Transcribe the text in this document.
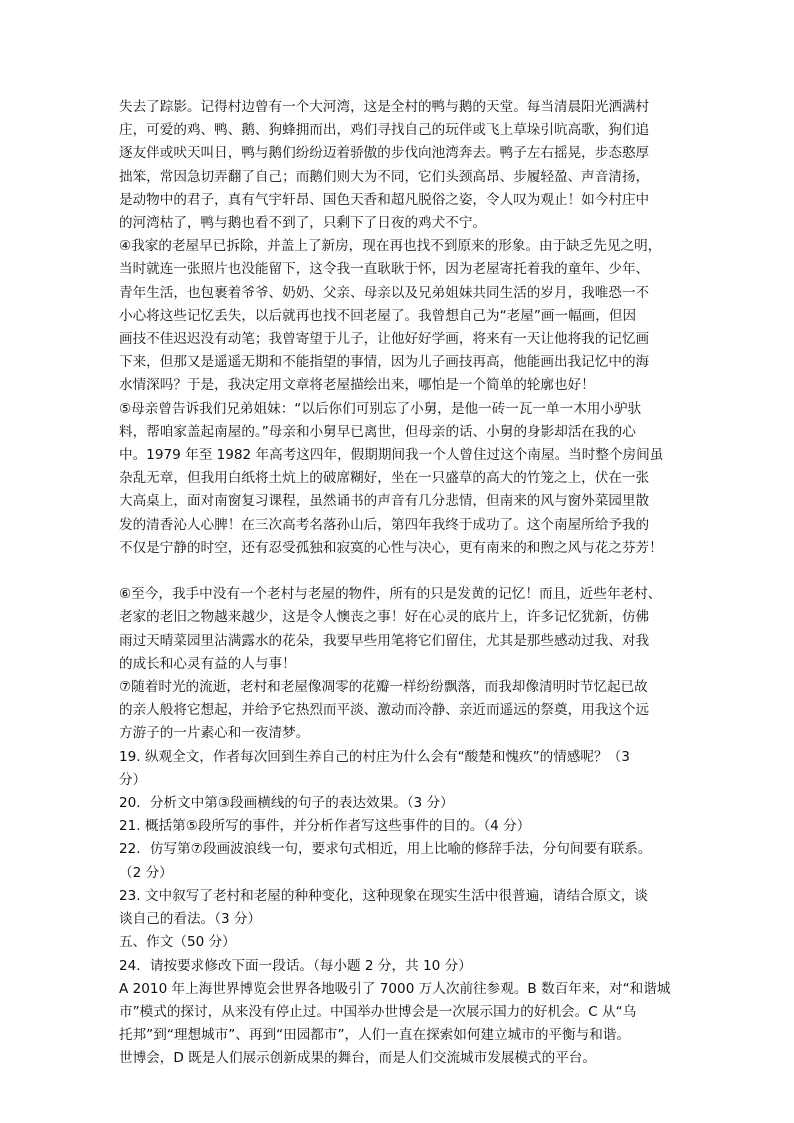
失去了踪影。记得村边曾有一个大河湾，这是全村的鸭与鹅的天堂。每当清晨阳光洒满村
庄，可爱的鸡、鸭、鹅、狗蜂拥而出，鸡们寻找自己的玩伴或飞上草垛引吭高歌，狗们追
逐友伴或吠天叫日，鸭与鹅们纷纷迈着骄傲的步伐向池湾奔去。鸭子左右摇晃，步态憨厚
拙笨，常因急切弄翻了自己；而鹅们则大为不同，它们头颈高昂、步履轻盈、声音清扬，
是动物中的君子，真有气宇轩昂、国色天香和超凡脱俗之姿，令人叹为观止！如今村庄中
的河湾枯了，鸭与鹅也看不到了，只剩下了日夜的鸡犬不宁。
④我家的老屋早已拆除，并盖上了新房，现在再也找不到原来的形象。由于缺乏先见之明，
当时就连一张照片也没能留下，这令我一直耿耿于怀，因为老屋寄托着我的童年、少年、
青年生活，也包裹着爷爷、奶奶、父亲、母亲以及兄弟姐妹共同生活的岁月，我唯恐一不
小心将这些记忆丢失，以后就再也找不回老屋了。我曾想自己为“老屋”画一幅画，但因
画技不佳迟迟没有动笔；我曾寄望于儿子，让他好好学画，将来有一天让他将我的记忆画
下来，但那又是遥遥无期和不能指望的事情，因为儿子画技再高，他能画出我记忆中的海
水情深吗？于是，我决定用文章将老屋描绘出来，哪怕是一个简单的轮廓也好！
⑤母亲曾告诉我们兄弟姐妹：“以后你们可别忘了小舅，是他一砖一瓦一单一木用小驴驮
料，帮咱家盖起南屋的。”母亲和小舅早已离世，但母亲的话、小舅的身影却活在我的心
中。1979 年至 1982 年高考这四年，假期期间我一个人曾住过这个南屋。当时整个房间虽
杂乱无章，但我用白纸将土炕上的破席糊好，坐在一只盛草的高大的竹笼之上，伏在一张
大高桌上，面对南窗复习课程，虽然诵书的声音有几分悲情，但南来的风与窗外菜园里散
发的清香沁人心脾！在三次高考名落孙山后，第四年我终于成功了。这个南屋所给予我的
不仅是宁静的时空，还有忍受孤独和寂寞的心性与决心，更有南来的和煦之风与花之芬芳！
⑥至今，我手中没有一个老村与老屋的物件，所有的只是发黄的记忆！而且，近些年老村、
老家的老旧之物越来越少，这是令人懊丧之事！好在心灵的底片上，许多记忆犹新，仿佛
雨过天晴菜园里沾满露水的花朵，我要早些用笔将它们留住，尤其是那些感动过我、对我
的成长和心灵有益的人与事！
⑦随着时光的流逝，老村和老屋像凋零的花瓣一样纷纷飘落，而我却像清明时节忆起已故
的亲人般将它想起，并给予它热烈而平淡、激动而冷静、亲近而遥远的祭奠，用我这个远
方游子的一片素心和一夜清梦。
19. 纵观全文，作者每次回到生养自己的村庄为什么会有“酸楚和愧疚”的情感呢？（3
分）
20．分析文中第③段画横线的句子的表达效果。（3 分）
21. 概括第⑤段所写的事件，并分析作者写这些事件的目的。（4 分）
22．仿写第⑦段画波浪线一句，要求句式相近，用上比喻的修辞手法，分句间要有联系。
（2 分）
23. 文中叙写了老村和老屋的种种变化，这种现象在现实生活中很普遍，请结合原文，谈
谈自己的看法。（3 分）
五、作文（50 分）
24．请按要求修改下面一段话。（每小题 2 分，共 10 分）
A 2010 年上海世界博览会世界各地吸引了 7000 万人次前往参观。B 数百年来，对“和谐城
市”模式的探讨，从来没有停止过。中国举办世博会是一次展示国力的好机会。C 从“乌
托邦”到“理想城市”、再到“田园都市”，人们一直在探索如何建立城市的平衡与和谐。
世博会，D 既是人们展示创新成果的舞台，而是人们交流城市发展模式的平台。
